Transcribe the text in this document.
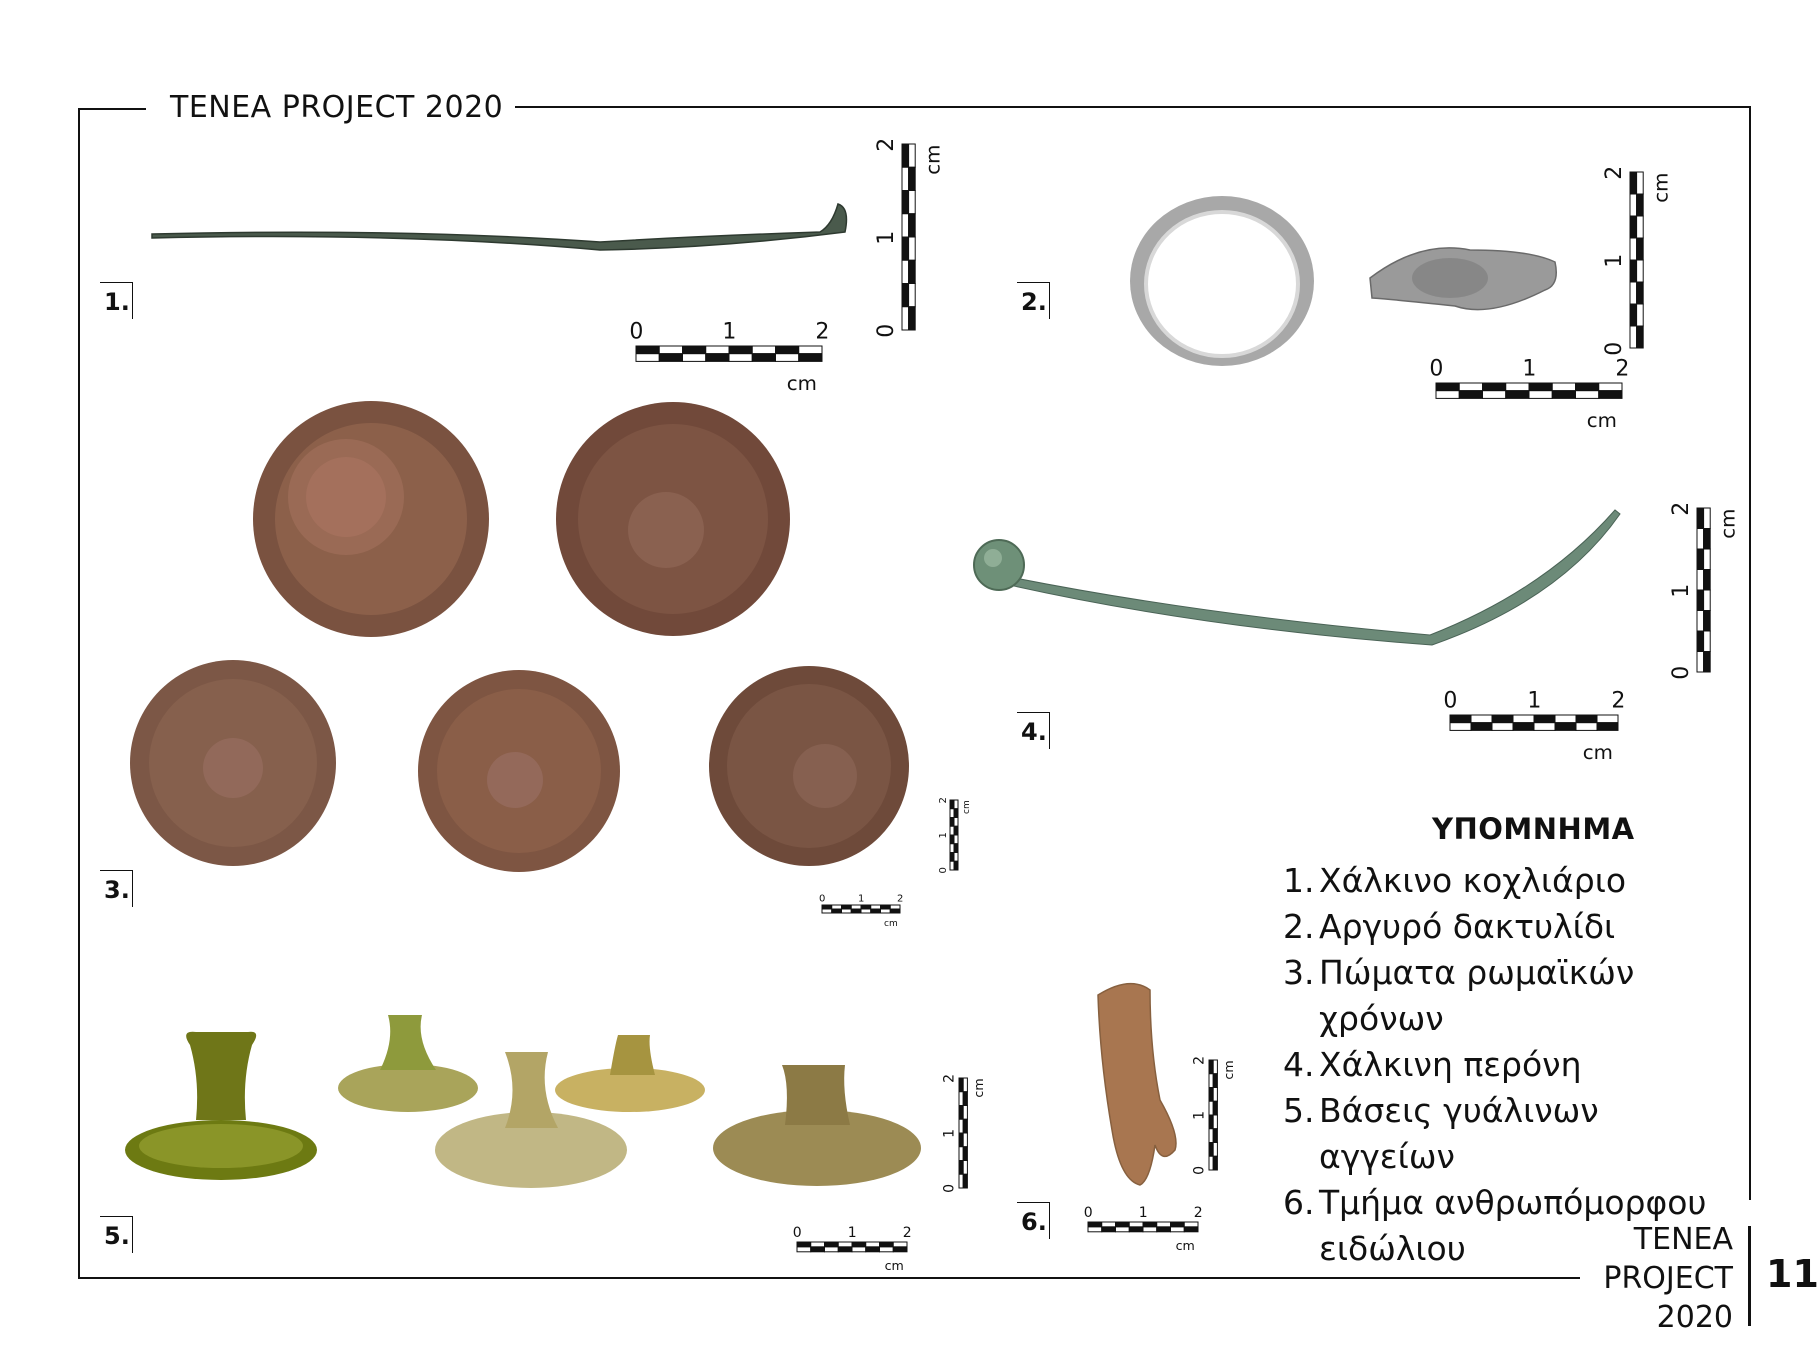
TENEA PROJECT 2020
1.	2.
3.
4.
5.	6.
ΥΠΟΜΝΗΜΑ
1. Χάλκινο κοχλιάριο
2. Αργυρό δακτυλίδι
3. Πώματα ρωμαϊκών χρόνων
4. Χάλκινη περόνη
5. Βάσεις γυάλινων αγγείων
6. Τμήμα ανθρωπόμορφου ειδώλιου	TENEA
PROJECT
2020
11
0	1	2
cm
0
1
2 cm
0	1	2
cm
0
1
2 cm
0	1	2
cm
0
1
2 cm
0	1	2
cm
0
1
2 cm
0	1	2
cm
0
1
2 cm
0	1	2
cm
0
1
2 cm
